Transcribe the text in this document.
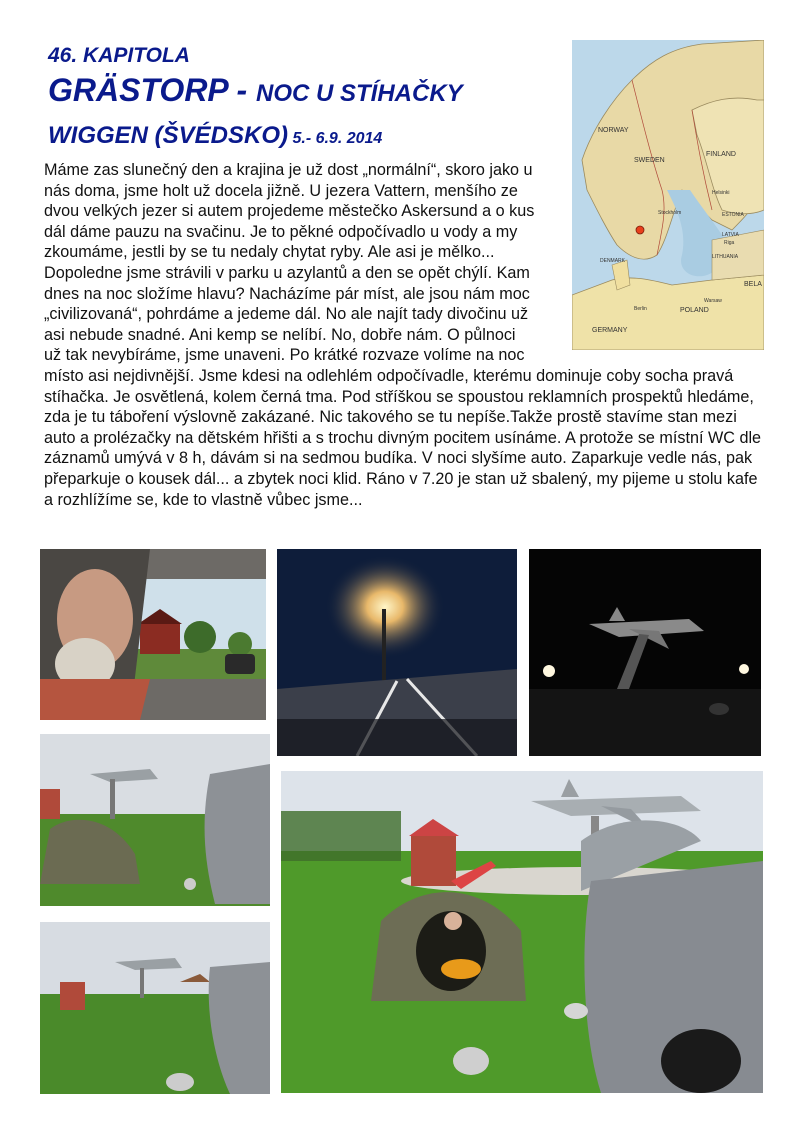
46. KAPITOLA
GRÄSTORP - NOC U STÍHAČKY
WIGGEN (ŠVÉDSKO) 5.- 6.9. 2014	NORWAY
SWEDEN
FINLAND
Stockholm
Helsinki
DENMARK
POLAND
GERMANY
LATVIA
ESTONIA
LITHUANIA
BELA
Warsaw
Berlin
Riga
Máme zas slunečný den a krajina je už dost „normální“, skoro jako u nás doma, jsme holt už docela jižně. U jezera Vattern, menšího ze dvou velkých jezer si autem projedeme městečko Askersund a o kus dál dáme pauzu na svačinu. Je to pěkné odpočívadlo u vody a my zkoumáme, jestli by se tu nedaly chytat ryby. Ale asi je mělko... Dopoledne jsme strávili v parku u azylantů a den se opět chýlí. Kam dnes na noc složíme hlavu? Nacházíme pár míst, ale jsou nám moc „civilizovaná“, pohrdáme a jedeme dál. No ale najít tady divočinu už asi nebude snadné. Ani kemp se nelíbí. No, dobře nám. O půlnoci už tak nevybíráme, jsme unaveni. Po krátké rozvaze volíme na noc místo asi nejdivnější. Jsme kdesi na odlehlém odpočívadle, kterému dominuje coby socha pravá stíhačka. Je osvětlená, kolem černá tma. Pod stříškou se spoustou reklamních prospektů hledáme, zda je tu táboření výslovně zakázané. Nic takového se tu nepíše.Takže prostě stavíme stan mezi auto a prolézačky na dětském hřišti a s trochu divným pocitem usínáme. A protože se místní WC dle záznamů umývá v 8 h, dávám si na sedmou budíka. V noci slyšíme auto. Zaparkuje vedle nás, pak přeparkuje o kousek dál... a zbytek noci klid. Ráno v 7.20 je stan už sbalený, my pijeme u stolu kafe a rozhlížíme se, kde to vlastně vůbec jsme...
